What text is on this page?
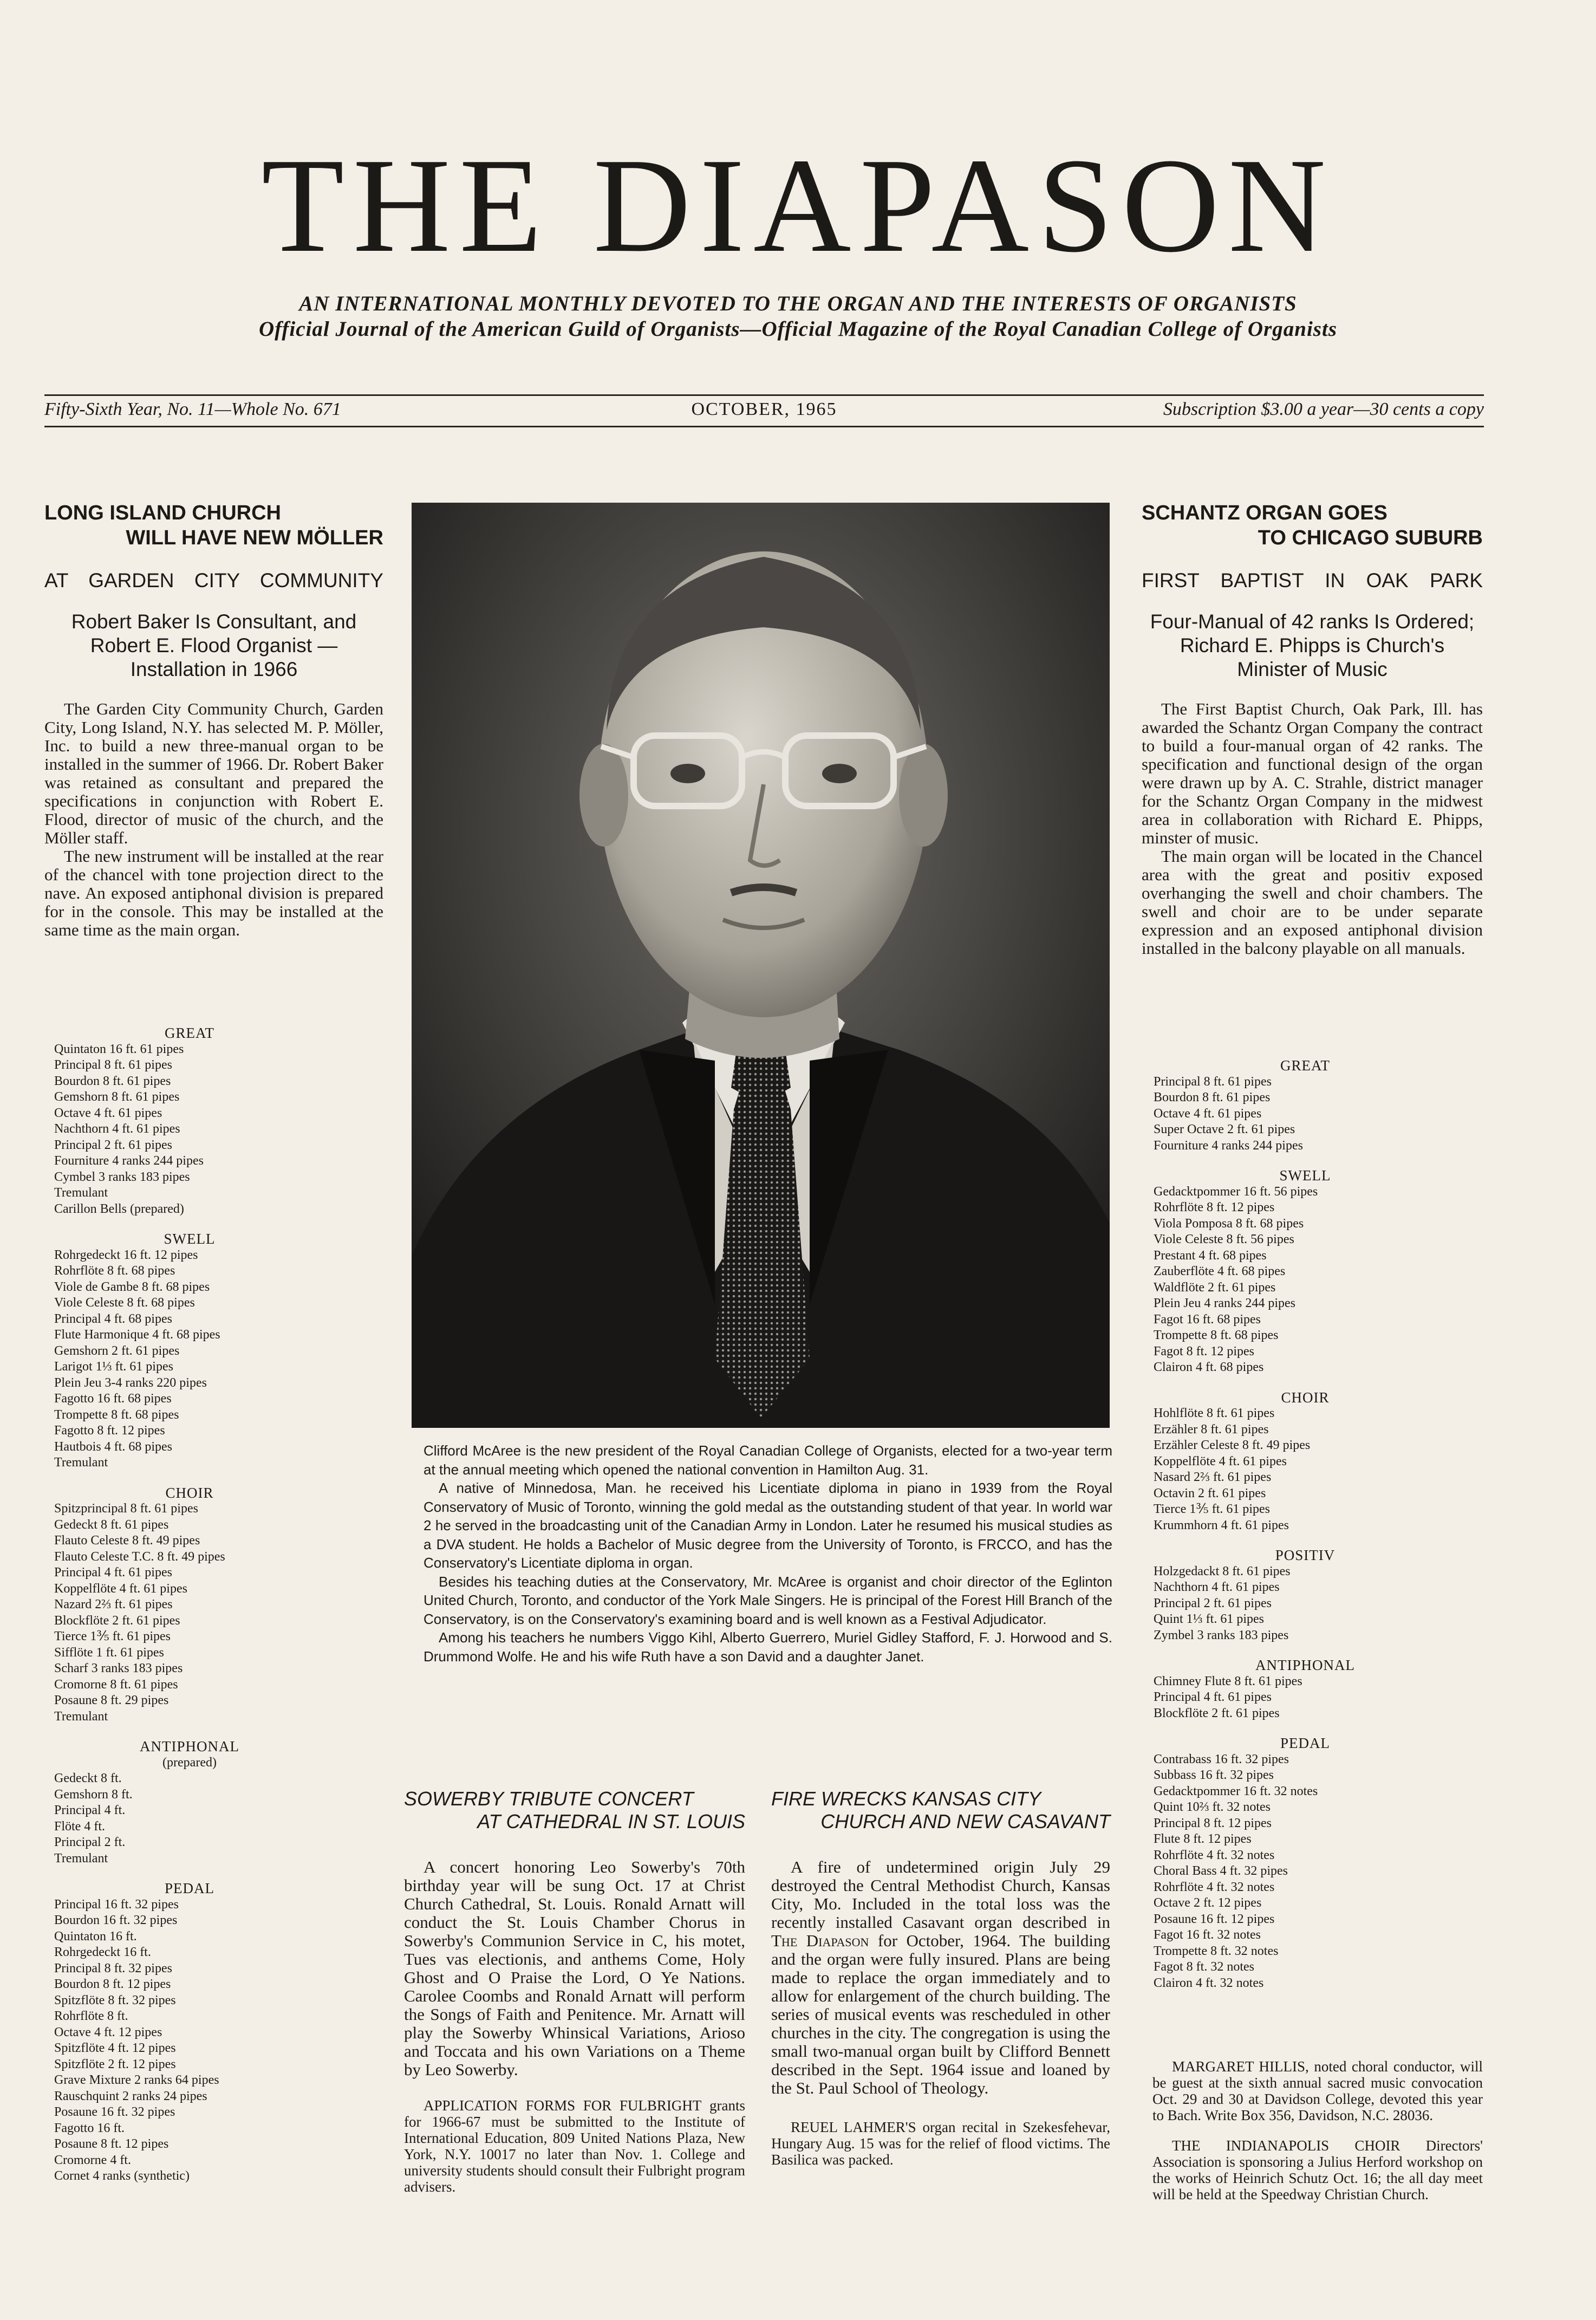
THE DIAPASON
AN INTERNATIONAL MONTHLY DEVOTED TO THE ORGAN AND THE INTERESTS OF ORGANISTS
Official Journal of the American Guild of Organists—Official Magazine of the Royal Canadian College of Organists
Fifty-Sixth Year, No. 11—Whole No. 671	OCTOBER, 1965	Subscription $3.00 a year—30 cents a copy
LONG ISLAND CHURCH
WILL HAVE NEW MÖLLER
AT GARDEN CITY COMMUNITY
Robert Baker Is Consultant, and
Robert E. Flood Organist —
Installation in 1966

The Garden City Community Church, Garden City, Long Island, N.Y. has selected M. P. Möller, Inc. to build a new three-manual organ to be installed in the summer of 1966. Dr. Robert Baker was retained as consultant and prepared the specifications in conjunction with Robert E. Flood, director of music of the church, and the Möller staff.

The new instrument will be installed at the rear of the chancel with tone projection direct to the nave. An exposed antiphonal division is prepared for in the console. This may be installed at the same time as the main organ.

GREAT
Quintaton 16 ft. 61 pipes
Principal 8 ft. 61 pipes
Bourdon 8 ft. 61 pipes
Gemshorn 8 ft. 61 pipes
Octave 4 ft. 61 pipes
Nachthorn 4 ft. 61 pipes
Principal 2 ft. 61 pipes
Fourniture 4 ranks 244 pipes
Cymbel 3 ranks 183 pipes
Tremulant
Carillon Bells (prepared)
SWELL
Rohrgedeckt 16 ft. 12 pipes
Rohrflöte 8 ft. 68 pipes
Viole de Gambe 8 ft. 68 pipes
Viole Celeste 8 ft. 68 pipes
Principal 4 ft. 68 pipes
Flute Harmonique 4 ft. 68 pipes
Gemshorn 2 ft. 61 pipes
Larigot 1⅓ ft. 61 pipes
Plein Jeu 3-4 ranks 220 pipes
Fagotto 16 ft. 68 pipes
Trompette 8 ft. 68 pipes
Fagotto 8 ft. 12 pipes
Hautbois 4 ft. 68 pipes
Tremulant
CHOIR
Spitzprincipal 8 ft. 61 pipes
Gedeckt 8 ft. 61 pipes
Flauto Celeste 8 ft. 49 pipes
Flauto Celeste T.C. 8 ft. 49 pipes
Principal 4 ft. 61 pipes
Koppelflöte 4 ft. 61 pipes
Nazard 2⅔ ft. 61 pipes
Blockflöte 2 ft. 61 pipes
Tierce 1⅗ ft. 61 pipes
Sifflöte 1 ft. 61 pipes
Scharf 3 ranks 183 pipes
Cromorne 8 ft. 61 pipes
Posaune 8 ft. 29 pipes
Tremulant
ANTIPHONAL
(prepared)
Gedeckt 8 ft.
Gemshorn 8 ft.
Principal 4 ft.
Flöte 4 ft.
Principal 2 ft.
Tremulant
PEDAL
Principal 16 ft. 32 pipes
Bourdon 16 ft. 32 pipes
Quintaton 16 ft.
Rohrgedeckt 16 ft.
Principal 8 ft. 32 pipes
Bourdon 8 ft. 12 pipes
Spitzflöte 8 ft. 32 pipes
Rohrflöte 8 ft.
Octave 4 ft. 12 pipes
Spitzflöte 4 ft. 12 pipes
Spitzflöte 2 ft. 12 pipes
Grave Mixture 2 ranks 64 pipes
Rauschquint 2 ranks 24 pipes
Posaune 16 ft. 32 pipes
Fagotto 16 ft.
Posaune 8 ft. 12 pipes
Cromorne 4 ft.
Cornet 4 ranks (synthetic)

Clifford McAree is the new president of the Royal Canadian College of Organists, elected for a two-year term at the annual meeting which opened the national convention in Hamilton Aug. 31.

A native of Minnedosa, Man. he received his Licentiate diploma in piano in 1939 from the Royal Conservatory of Music of Toronto, winning the gold medal as the outstanding student of that year. In world war 2 he served in the broadcasting unit of the Canadian Army in London. Later he resumed his musical studies as a DVA student. He holds a Bachelor of Music degree from the University of Toronto, is FRCCO, and has the Conservatory's Licentiate diploma in organ.

Besides his teaching duties at the Conservatory, Mr. McAree is organist and choir director of the Eglinton United Church, Toronto, and conductor of the York Male Singers. He is principal of the Forest Hill Branch of the Conservatory, is on the Conservatory's examining board and is well known as a Festival Adjudicator.

Among his teachers he numbers Viggo Kihl, Alberto Guerrero, Muriel Gidley Stafford, F. J. Horwood and S. Drummond Wolfe. He and his wife Ruth have a son David and a daughter Janet.

SOWERBY TRIBUTE CONCERT
AT CATHEDRAL IN ST. LOUIS

A concert honoring Leo Sowerby's 70th birthday year will be sung Oct. 17 at Christ Church Cathedral, St. Louis. Ronald Arnatt will conduct the St. Louis Chamber Chorus in Sowerby's Communion Service in C, his motet, Tues vas electionis, and anthems Come, Holy Ghost and O Praise the Lord, O Ye Nations. Carolee Coombs and Ronald Arnatt will perform the Songs of Faith and Penitence. Mr. Arnatt will play the Sowerby Whinsical Variations, Arioso and Toccata and his own Variations on a Theme by Leo Sowerby.

APPLICATION FORMS FOR FULBRIGHT grants for 1966-67 must be submitted to the Institute of International Education, 809 United Nations Plaza, New York, N.Y. 10017 no later than Nov. 1. College and university students should consult their Fulbright program advisers.

FIRE WRECKS KANSAS CITY
CHURCH AND NEW CASAVANT

A fire of undetermined origin July 29 destroyed the Central Methodist Church, Kansas City, Mo. Included in the total loss was the recently installed Casavant organ described in The Diapason for October, 1964. The building and the organ were fully insured. Plans are being made to replace the organ immediately and to allow for enlargement of the church building. The series of musical events was rescheduled in other churches in the city. The congregation is using the small two-manual organ built by Clifford Bennett described in the Sept. 1964 issue and loaned by the St. Paul School of Theology.

REUEL LAHMER'S organ recital in Szekesfehevar, Hungary Aug. 15 was for the relief of flood victims. The Basilica was packed.

SCHANTZ ORGAN GOES
TO CHICAGO SUBURB
FIRST BAPTIST IN OAK PARK
Four-Manual of 42 ranks Is Ordered;
Richard E. Phipps is Church's
Minister of Music

The First Baptist Church, Oak Park, Ill. has awarded the Schantz Organ Company the contract to build a four-manual organ of 42 ranks. The specification and functional design of the organ were drawn up by A. C. Strahle, district manager for the Schantz Organ Company in the midwest area in collaboration with Richard E. Phipps, minster of music.

The main organ will be located in the Chancel area with the great and positiv exposed overhanging the swell and choir chambers. The swell and choir are to be under separate expression and an exposed antiphonal division installed in the balcony playable on all manuals.

GREAT
Principal 8 ft. 61 pipes
Bourdon 8 ft. 61 pipes
Octave 4 ft. 61 pipes
Super Octave 2 ft. 61 pipes
Fourniture 4 ranks 244 pipes
SWELL
Gedacktpommer 16 ft. 56 pipes
Rohrflöte 8 ft. 12 pipes
Viola Pomposa 8 ft. 68 pipes
Viole Celeste 8 ft. 56 pipes
Prestant 4 ft. 68 pipes
Zauberflöte 4 ft. 68 pipes
Waldflöte 2 ft. 61 pipes
Plein Jeu 4 ranks 244 pipes
Fagot 16 ft. 68 pipes
Trompette 8 ft. 68 pipes
Fagot 8 ft. 12 pipes
Clairon 4 ft. 68 pipes
CHOIR
Hohlflöte 8 ft. 61 pipes
Erzähler 8 ft. 61 pipes
Erzähler Celeste 8 ft. 49 pipes
Koppelflöte 4 ft. 61 pipes
Nasard 2⅔ ft. 61 pipes
Octavin 2 ft. 61 pipes
Tierce 1⅗ ft. 61 pipes
Krummhorn 4 ft. 61 pipes
POSITIV
Holzgedackt 8 ft. 61 pipes
Nachthorn 4 ft. 61 pipes
Principal 2 ft. 61 pipes
Quint 1⅓ ft. 61 pipes
Zymbel 3 ranks 183 pipes
ANTIPHONAL
Chimney Flute 8 ft. 61 pipes
Principal 4 ft. 61 pipes
Blockflöte 2 ft. 61 pipes
PEDAL
Contrabass 16 ft. 32 pipes
Subbass 16 ft. 32 pipes
Gedacktpommer 16 ft. 32 notes
Quint 10⅔ ft. 32 notes
Principal 8 ft. 12 pipes
Flute 8 ft. 12 pipes
Rohrflöte 4 ft. 32 notes
Choral Bass 4 ft. 32 pipes
Rohrflöte 4 ft. 32 notes
Octave 2 ft. 12 pipes
Posaune 16 ft. 12 pipes
Fagot 16 ft. 32 notes
Trompette 8 ft. 32 notes
Fagot 8 ft. 32 notes
Clairon 4 ft. 32 notes

MARGARET HILLIS, noted choral conductor, will be guest at the sixth annual sacred music convocation Oct. 29 and 30 at Davidson College, devoted this year to Bach. Write Box 356, Davidson, N.C. 28036.

THE INDIANAPOLIS CHOIR Directors' Association is sponsoring a Julius Herford workshop on the works of Heinrich Schutz Oct. 16; the all day meet will be held at the Speedway Christian Church.
